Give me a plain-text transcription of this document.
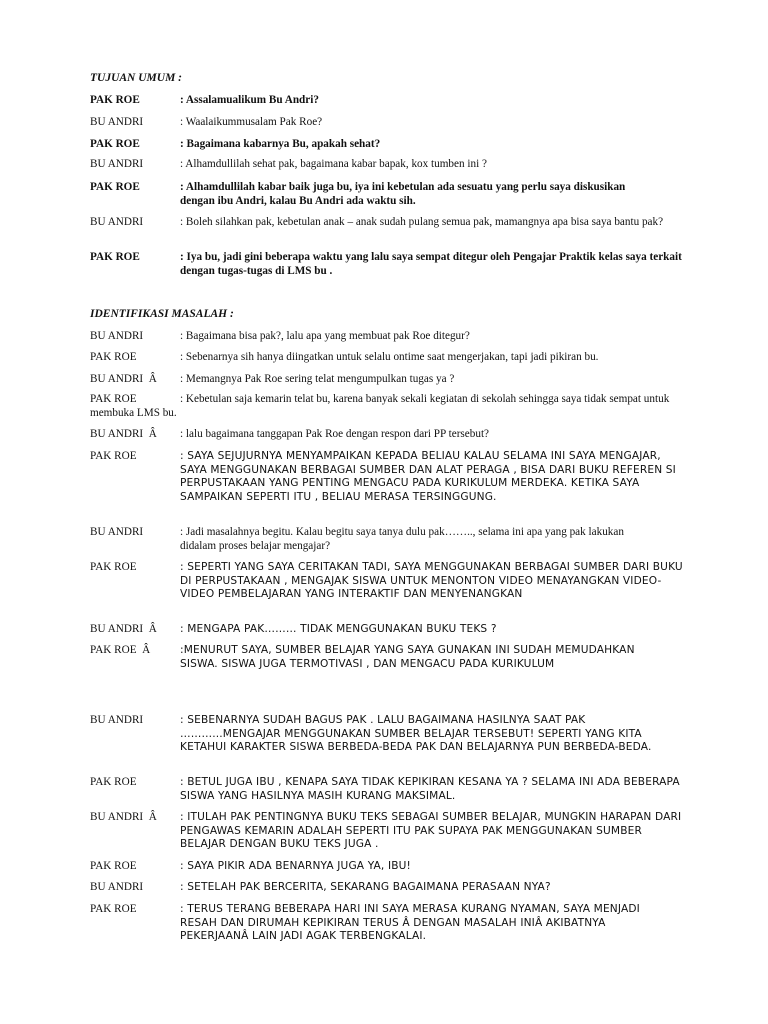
TUJUAN UMUM :
PAK ROE	: Assalamualikum Bu Andri?
BU ANDRI	: Waalaikummusalam Pak Roe?
PAK ROE	: Bagaimana kabarnya Bu, apakah sehat?
BU ANDRI	: Alhamdullilah sehat pak, bagaimana kabar bapak, kox tumben ini ?
PAK ROE	: Alhamdullilah kabar baik juga bu, iya ini kebetulan ada sesuatu yang perlu saya diskusikan dengan ibu Andri, kalau Bu Andri ada waktu sih.
BU ANDRI	: Boleh silahkan pak, kebetulan anak – anak sudah pulang semua pak, mamangnya apa bisa saya bantu pak?
PAK ROE	: Iya bu, jadi gini beberapa waktu yang lalu saya sempat ditegur oleh Pengajar Praktik kelas saya terkait dengan tugas-tugas di LMS bu .
IDENTIFIKASI MASALAH :
BU ANDRI	: Bagaimana bisa pak?, lalu apa yang membuat pak Roe ditegur?
PAK ROE	: Sebenarnya sih hanya diingatkan untuk selalu ontime saat mengerjakan, tapi jadi pikiran bu.
BU ANDRI  Â : Memangnya Pak Roe sering telat mengumpulkan tugas ya ?
PAK ROE	: Kebetulan saja kemarin telat bu, karena banyak sekali kegiatan di sekolah sehingga saya tidak sempat untuk membuka LMS bu.
BU ANDRI  Â : lalu bagaimana tanggapan Pak Roe dengan respon dari PP tersebut?
PAK ROE	: SAYA SEJUJURNYA MENYAMPAIKAN KEPADA BELIAU KALAU SELAMA INI SAYA MENGAJAR, SAYA MENGGUNAKAN BERBAGAI SUMBER DAN ALAT PERAGA , BISA DARI BUKU REFEREN SI PERPUSTAKAAN YANG PENTING MENGACU PADA KURIKULUM MERDEKA. KETIKA SAYA SAMPAIKAN SEPERTI ITU , BELIAU MERASA TERSINGGUNG.
BU ANDRI	: Jadi masalahnya begitu. Kalau begitu saya tanya dulu pak…….., selama ini apa yang pak lakukan didalam proses belajar mengajar?
PAK ROE	: SEPERTI YANG SAYA CERITAKAN TADI, SAYA MENGGUNAKAN BERBAGAI SUMBER DARI BUKU DI PERPUSTAKAAN , MENGAJAK SISWA UNTUK MENONTON VIDEO MENAYANGKAN VIDEO-VIDEO PEMBELAJARAN YANG INTERAKTIF DAN MENYENANGKAN
BU ANDRI  Â : MENGAPA PAK……… TIDAK MENGGUNAKAN BUKU TEKS ?
PAK ROE  Â	:MENURUT SAYA, SUMBER BELAJAR YANG SAYA GUNAKAN INI SUDAH MEMUDAHKAN SISWA. SISWA JUGA TERMOTIVASI , DAN MENGACU PADA KURIKULUM
BU ANDRI	: SEBENARNYA SUDAH BAGUS PAK . LALU BAGAIMANA HASILNYA SAAT PAK ………...MENGAJAR MENGGUNAKAN SUMBER BELAJAR TERSEBUT! SEPERTI YANG KITA KETAHUI KARAKTER SISWA BERBEDA-BEDA PAK DAN BELAJARNYA PUN BERBEDA-BEDA.
PAK ROE	: BETUL JUGA IBU , KENAPA SAYA TIDAK KEPIKIRAN KESANA YA ? SELAMA INI ADA BEBERAPA SISWA YANG HASILNYA MASIH KURANG MAKSIMAL.
BU ANDRI  Â : ITULAH PAK PENTINGNYA BUKU TEKS SEBAGAI SUMBER BELAJAR, MUNGKIN HARAPAN DARI PENGAWAS KEMARIN ADALAH SEPERTI ITU PAK SUPAYA PAK MENGGUNAKAN SUMBER BELAJAR DENGAN BUKU TEKS JUGA .
PAK ROE	: SAYA PIKIR ADA BENARNYA JUGA YA, IBU!
BU ANDRI	: SETELAH PAK BERCERITA, SEKARANG BAGAIMANA PERASAAN NYA?
PAK ROE	: TERUS TERANG BEBERAPA HARI INI SAYA MERASA KURANG NYAMAN, SAYA MENJADI RESAH DAN DIRUMAH KEPIKIRAN TERUS Â DENGAN MASALAH INIÂ AKIBATNYA PEKERJAANÂ LAIN JADI AGAK TERBENGKALAI.
